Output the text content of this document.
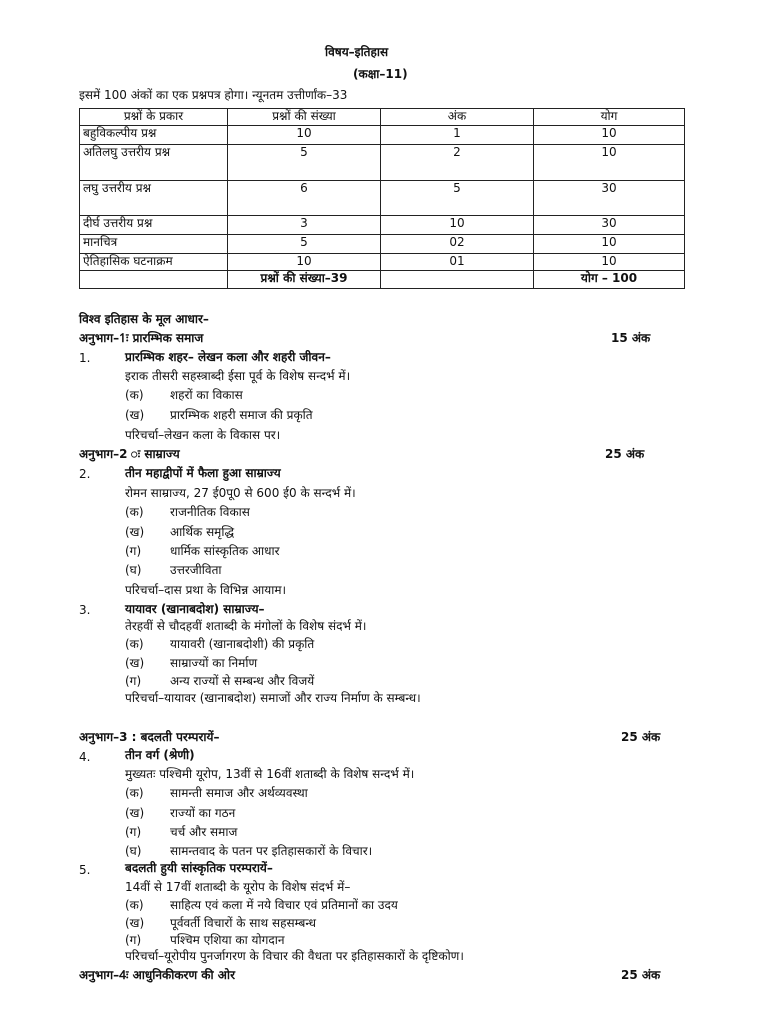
विषय–इतिहास
(कक्षा–11)
इसमें 100 अंकों का एक प्रश्नपत्र होगा। न्यूनतम उत्तीर्णांक–33
प्रश्नों के प्रकार	प्रश्नों की संख्या	अंक	योग
बहुविकल्पीय प्रश्न	10	1	10
अतिलघु उत्तरीय प्रश्न	5	2	10
लघु उत्तरीय प्रश्न	6	5	30
दीर्घ उत्तरीय प्रश्न	3	10	30
मानचित्र	5	02	10
ऐतिहासिक घटनाक्रम	10	01	10
	प्रश्नों की संख्या–39		योग – 100
विश्व इतिहास के मूल आधार–
अनुभाग–1ः प्रारम्भिक समाज	15 अंक
1.	प्रारम्भिक शहर– लेखन कला और शहरी जीवन–
इराक तीसरी सहस्त्राब्दी ईसा पूर्व के विशेष सन्दर्भ में।
(क)	शहरों का विकास
(ख)	प्रारम्भिक शहरी समाज की प्रकृति
परिचर्चा–लेखन कला के विकास पर।
अनुभाग–2 ः साम्राज्य	25 अंक
2.	तीन महाद्वीपों में फैला हुआ साम्राज्य
रोमन साम्राज्य, 27 ई0पू0 से 600 ई0 के सन्दर्भ में।
(क)	राजनीतिक विकास
(ख)	आर्थिक समृद्धि
(ग)	धार्मिक सांस्कृतिक आधार
(घ)	उत्तरजीविता
परिचर्चा–दास प्रथा के विभिन्न आयाम।
3.	यायावर (खानाबदोश) साम्राज्य–
तेरहवीं से चौदहवीं शताब्दी के मंगोलों के विशेष संदर्भ में।
(क)	यायावरी (खानाबदोशी) की प्रकृति
(ख)	साम्राज्यों का निर्माण
(ग)	अन्य राज्यों से सम्बन्ध और विजयें
परिचर्चा–यायावर (खानाबदोश) समाजों और राज्य निर्माण के सम्बन्ध।
अनुभाग–3 : बदलती परम्परायें–	25 अंक
4.	तीन वर्ग (श्रेणी)
मुख्यतः पश्चिमी यूरोप, 13वीं से 16वीं शताब्दी के विशेष सन्दर्भ में।
(क)	सामन्ती समाज और अर्थव्यवस्था
(ख)	राज्यों का गठन
(ग)	चर्च और समाज
(घ)	सामन्तवाद के पतन पर इतिहासकारों के विचार।
5.	बदलती हुयी सांस्कृतिक परम्परायें–
14वीं से 17वीं शताब्दी के यूरोप के विशेष संदर्भ में–
(क)	साहित्य एवं कला में नये विचार एवं प्रतिमानों का उदय
(ख)	पूर्ववर्ती विचारों के साथ सहसम्बन्ध
(ग)	पश्चिम एशिया का योगदान
परिचर्चा–यूरोपीय पुनर्जागरण के विचार की वैधता पर इतिहासकारों के दृष्टिकोण।
अनुभाग–4ः आधुनिकीकरण की ओर	25 अंक
